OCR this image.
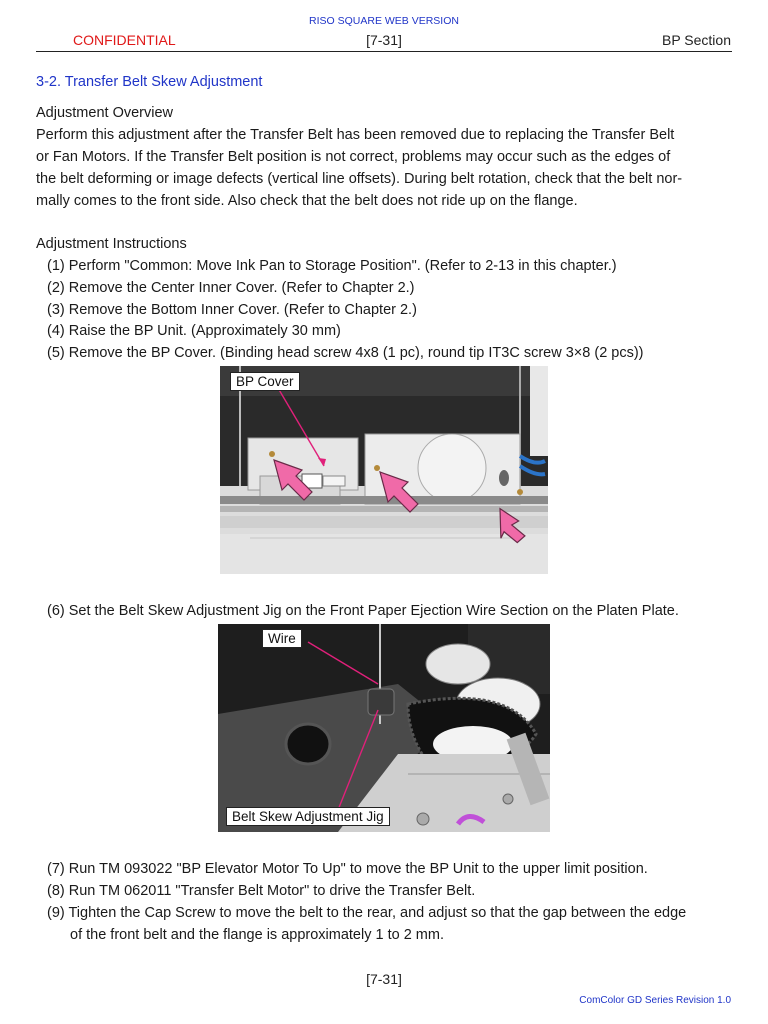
RISO SQUARE WEB VERSION
CONFIDENTIAL	[7-31]	BP Section
3-2. Transfer Belt Skew Adjustment
Adjustment Overview
Perform this adjustment after the Transfer Belt has been removed due to replacing the Transfer Belt
or Fan Motors. If the Transfer Belt position is not correct, problems may occur such as the edges of
the belt deforming or image defects (vertical line offsets). During belt rotation, check that the belt nor-
mally comes to the front side. Also check that the belt does not ride up on the flange.
Adjustment Instructions
(1) Perform "Common: Move Ink Pan to Storage Position". (Refer to 2-13 in this chapter.)
(2) Remove the Center Inner Cover. (Refer to Chapter 2.)
(3) Remove the Bottom Inner Cover. (Refer to Chapter 2.)
(4) Raise the BP Unit. (Approximately 30 mm)
(5) Remove the BP Cover. (Binding head screw 4x8 (1 pc), round tip IT3C screw 3×8 (2 pcs))
BP Cover
(6) Set the Belt Skew Adjustment Jig on the Front Paper Ejection Wire Section on the Platen Plate.
Wire
Belt Skew Adjustment Jig
(7) Run TM 093022 "BP Elevator Motor To Up" to move the BP Unit to the upper limit position.
(8) Run TM 062011 "Transfer Belt Motor" to drive the Transfer Belt.
(9) Tighten the Cap Screw to move the belt to the rear, and adjust so that the gap between the edge
of the front belt and the flange is approximately 1 to 2 mm.
[7-31]
ComColor GD Series Revision 1.0
